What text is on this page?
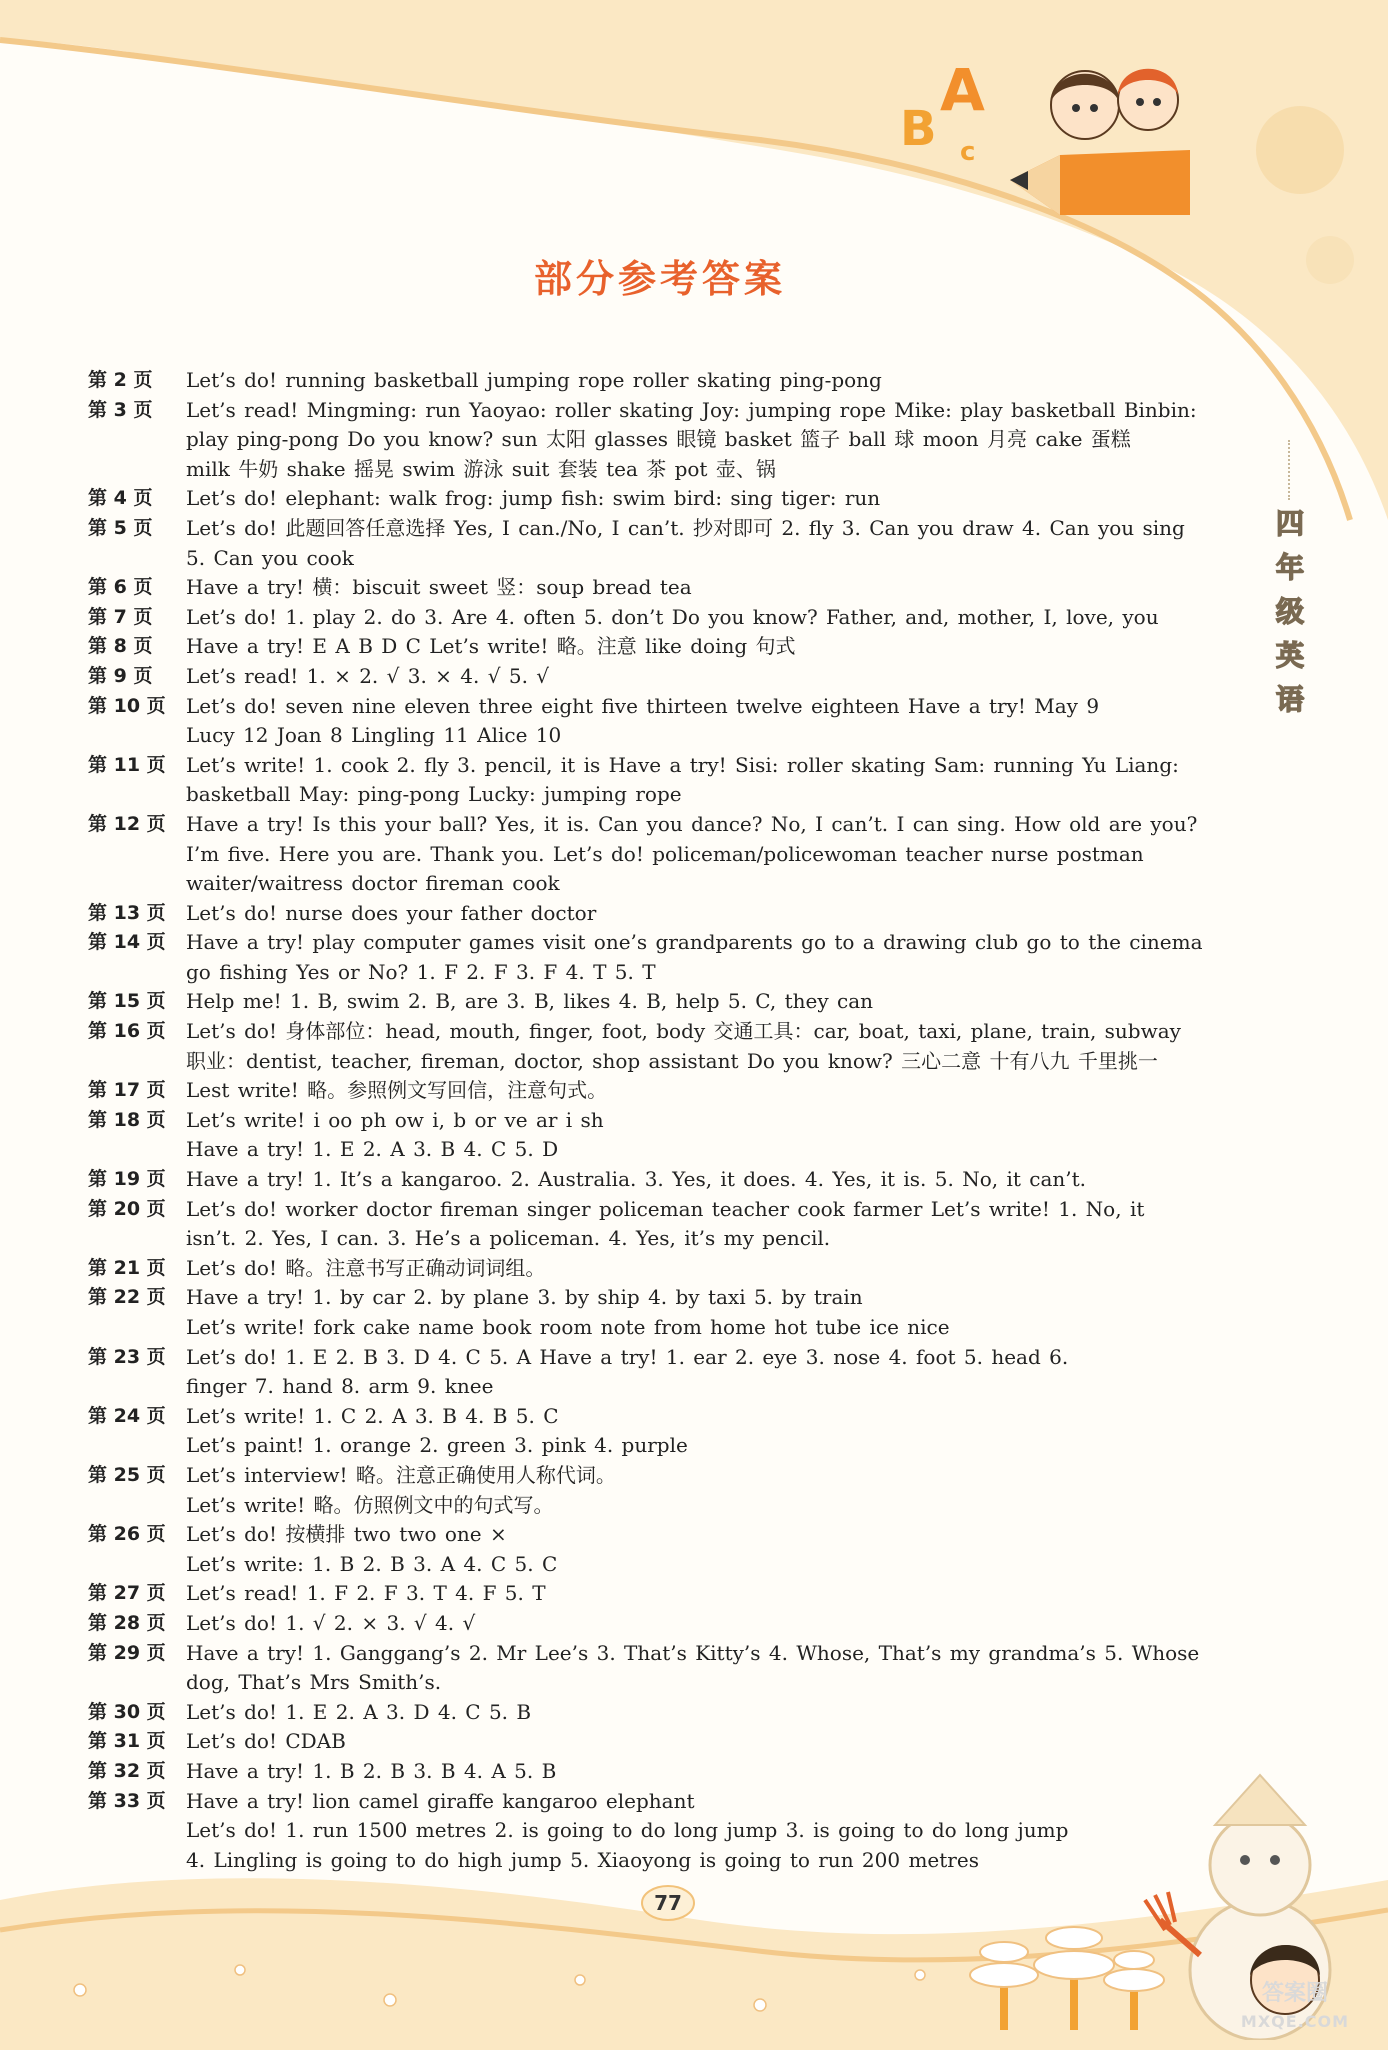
B
A
c
部分参考答案
四
年
级
英
语
第 2 页	Let’s do! running basketball jumping rope roller skating ping-pong
第 3 页	Let’s read! Mingming: run Yaoyao: roller skating Joy: jumping rope Mike: play basketball Binbin:
play ping-pong Do you know? sun 太阳 glasses 眼镜 basket 篮子 ball 球 moon 月亮 cake 蛋糕
milk 牛奶 shake 摇晃 swim 游泳 suit 套装 tea 茶 pot 壶、锅
第 4 页	Let’s do! elephant: walk frog: jump fish: swim bird: sing tiger: run
第 5 页	Let’s do! 此题回答任意选择 Yes, I can./No, I can’t. 抄对即可 2. fly 3. Can you draw 4. Can you sing
5. Can you cook
第 6 页	Have a try! 横：biscuit sweet 竖：soup bread tea
第 7 页	Let’s do! 1. play 2. do 3. Are 4. often 5. don’t Do you know? Father, and, mother, I, love, you
第 8 页	Have a try! E A B D C Let’s write! 略。注意 like doing 句式
第 9 页	Let’s read! 1. × 2. √ 3. × 4. √ 5. √
第 10 页	Let’s do! seven nine eleven three eight five thirteen twelve eighteen Have a try! May 9
Lucy 12 Joan 8 Lingling 11 Alice 10
第 11 页	Let’s write! 1. cook 2. fly 3. pencil, it is Have a try! Sisi: roller skating Sam: running Yu Liang:
basketball May: ping-pong Lucky: jumping rope
第 12 页	Have a try! Is this your ball? Yes, it is. Can you dance? No, I can’t. I can sing. How old are you?
I’m five. Here you are. Thank you. Let’s do! policeman/policewoman teacher nurse postman
waiter/waitress doctor fireman cook
第 13 页	Let’s do! nurse does your father doctor
第 14 页	Have a try! play computer games visit one’s grandparents go to a drawing club go to the cinema
go fishing Yes or No? 1. F 2. F 3. F 4. T 5. T
第 15 页	Help me! 1. B, swim 2. B, are 3. B, likes 4. B, help 5. C, they can
第 16 页	Let’s do! 身体部位：head, mouth, finger, foot, body 交通工具：car, boat, taxi, plane, train, subway
职业：dentist, teacher, fireman, doctor, shop assistant Do you know? 三心二意 十有八九 千里挑一
第 17 页	Lest write! 略。参照例文写回信，注意句式。
第 18 页	Let’s write! i oo ph ow i, b or ve ar i sh
Have a try! 1. E 2. A 3. B 4. C 5. D
第 19 页	Have a try! 1. It’s a kangaroo. 2. Australia. 3. Yes, it does. 4. Yes, it is. 5. No, it can’t.
第 20 页	Let’s do! worker doctor fireman singer policeman teacher cook farmer Let’s write! 1. No, it
isn’t. 2. Yes, I can. 3. He’s a policeman. 4. Yes, it’s my pencil.
第 21 页	Let’s do! 略。注意书写正确动词词组。
第 22 页	Have a try! 1. by car 2. by plane 3. by ship 4. by taxi 5. by train
Let’s write! fork cake name book room note from home hot tube ice nice
第 23 页	Let’s do! 1. E 2. B 3. D 4. C 5. A Have a try! 1. ear 2. eye 3. nose 4. foot 5. head 6.
finger 7. hand 8. arm 9. knee
第 24 页	Let’s write! 1. C 2. A 3. B 4. B 5. C
Let’s paint! 1. orange 2. green 3. pink 4. purple
第 25 页	Let’s interview! 略。注意正确使用人称代词。
Let’s write! 略。仿照例文中的句式写。
第 26 页	Let’s do! 按横排 two two one ×
Let’s write: 1. B 2. B 3. A 4. C 5. C
第 27 页	Let’s read! 1. F 2. F 3. T 4. F 5. T
第 28 页	Let’s do! 1. √ 2. × 3. √ 4. √
第 29 页	Have a try! 1. Ganggang’s 2. Mr Lee’s 3. That’s Kitty’s 4. Whose, That’s my grandma’s 5. Whose
dog, That’s Mrs Smith’s.
第 30 页	Let’s do! 1. E 2. A 3. D 4. C 5. B
第 31 页	Let’s do! CDAB
第 32 页	Have a try! 1. B 2. B 3. B 4. A 5. B
第 33 页	Have a try! lion camel giraffe kangaroo elephant
Let’s do! 1. run 1500 metres 2. is going to do long jump 3. is going to do long jump
4. Lingling is going to do high jump 5. Xiaoyong is going to run 200 metres
77
答案圈
MXQE.COM
